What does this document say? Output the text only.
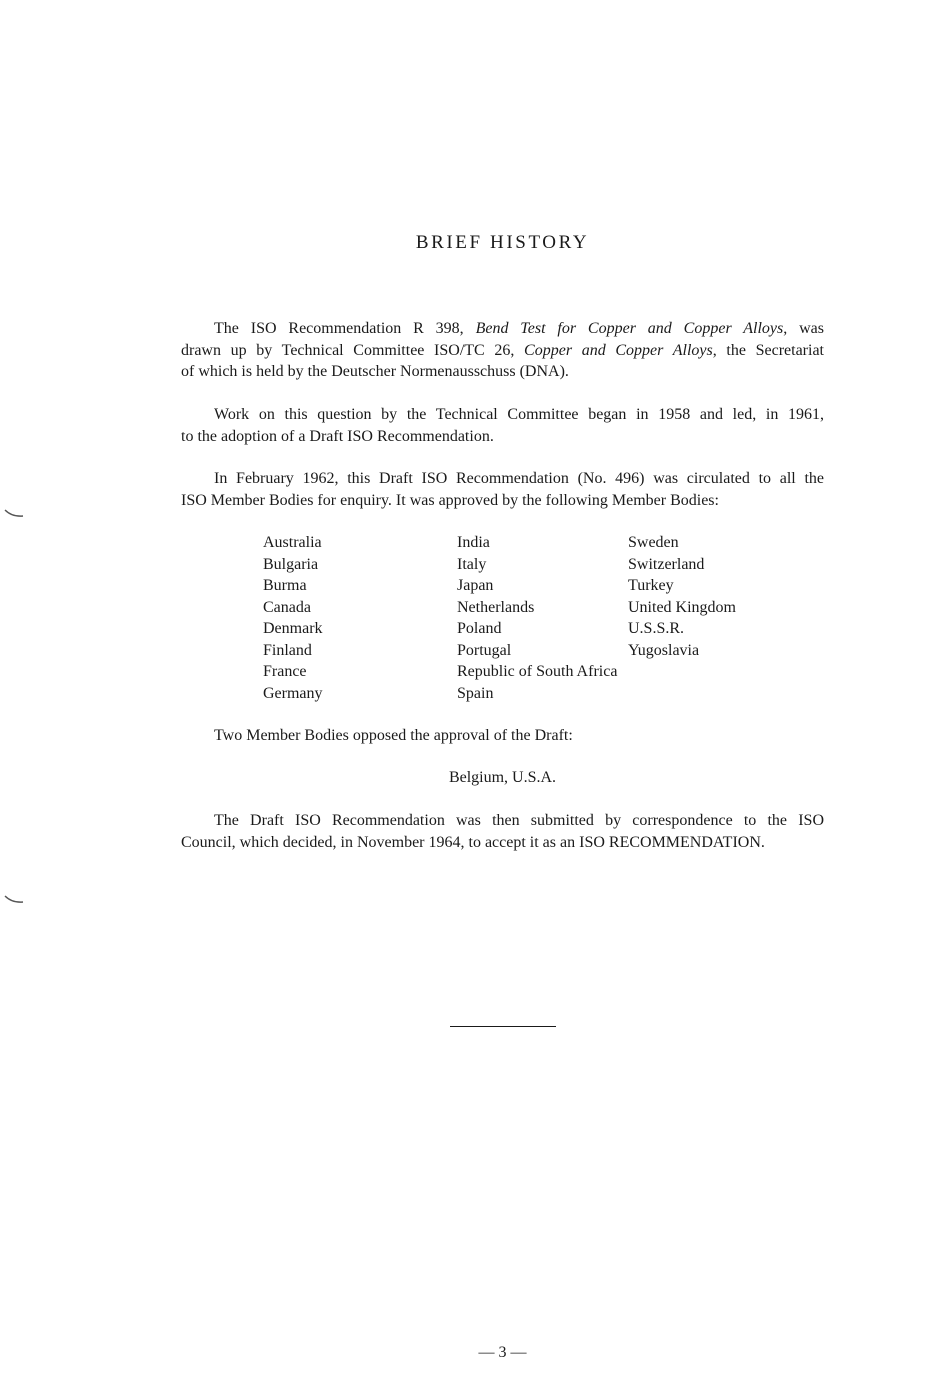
BRIEF HISTORY
The ISO Recommendation R 398, Bend Test for Copper and Copper Alloys, was
drawn up by Technical Committee ISO/TC 26, Copper and Copper Alloys, the Secretariat
of which is held by the Deutscher Normenausschuss (DNA).
Work on this question by the Technical Committee began in 1958 and led, in 1961,
to the adoption of a Draft ISO Recommendation.
In February 1962, this Draft ISO Recommendation (No. 496) was circulated to all the
ISO Member Bodies for enquiry. It was approved by the following Member Bodies:
Australia
Bulgaria
Burma
Canada
Denmark
Finland
France
Germany
India
Italy
Japan
Netherlands
Poland
Portugal
Republic of South Africa
Spain
Sweden
Switzerland
Turkey
United Kingdom
U.S.S.R.
Yugoslavia
Two Member Bodies opposed the approval of the Draft:
Belgium, U.S.A.
The Draft ISO Recommendation was then submitted by correspondence to the ISO
Council, which decided, in November 1964, to accept it as an ISO RECOMMENDATION.
— 3 —
